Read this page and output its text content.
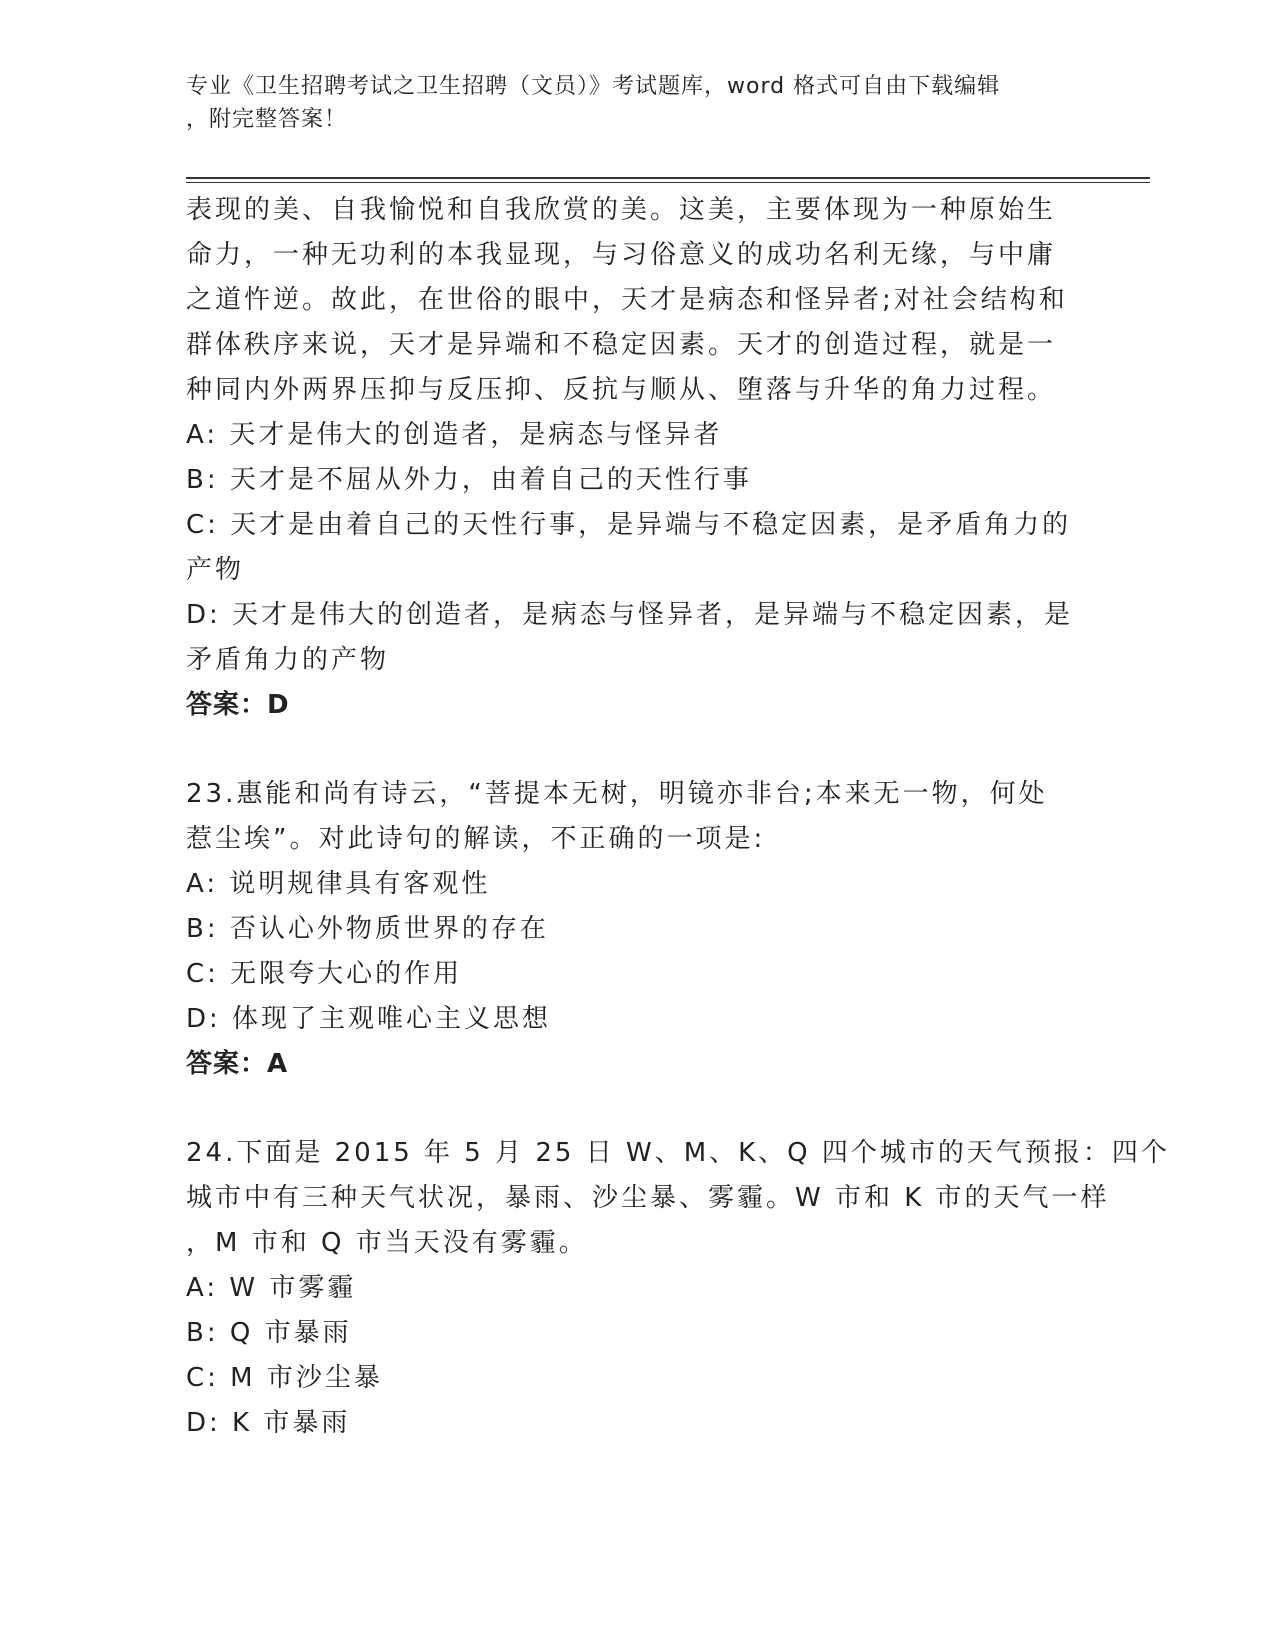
专业《卫生招聘考试之卫生招聘（文员）》考试题库，word 格式可自由下载编辑
，附完整答案！
表现的美、自我愉悦和自我欣赏的美。这美，主要体现为一种原始生
命力，一种无功利的本我显现，与习俗意义的成功名利无缘，与中庸
之道忤逆。故此，在世俗的眼中，天才是病态和怪异者;对社会结构和
群体秩序来说，天才是异端和不稳定因素。天才的创造过程，就是一
种同内外两界压抑与反压抑、反抗与顺从、堕落与升华的角力过程。
A: 天才是伟大的创造者，是病态与怪异者
B: 天才是不屈从外力，由着自己的天性行事
C: 天才是由着自己的天性行事，是异端与不稳定因素，是矛盾角力的
产物
D: 天才是伟大的创造者，是病态与怪异者，是异端与不稳定因素，是
矛盾角力的产物
答案：D
23.惠能和尚有诗云，“菩提本无树，明镜亦非台;本来无一物，何处
惹尘埃”。对此诗句的解读，不正确的一项是:
A: 说明规律具有客观性
B: 否认心外物质世界的存在
C: 无限夸大心的作用
D: 体现了主观唯心主义思想
答案：A
24.下面是 2015 年 5 月 25 日 W、M、K、Q 四个城市的天气预报：四个
城市中有三种天气状况，暴雨、沙尘暴、雾霾。W 市和 K 市的天气一样
，M 市和 Q 市当天没有雾霾。
A: W 市雾霾
B: Q 市暴雨
C: M 市沙尘暴
D: K 市暴雨
